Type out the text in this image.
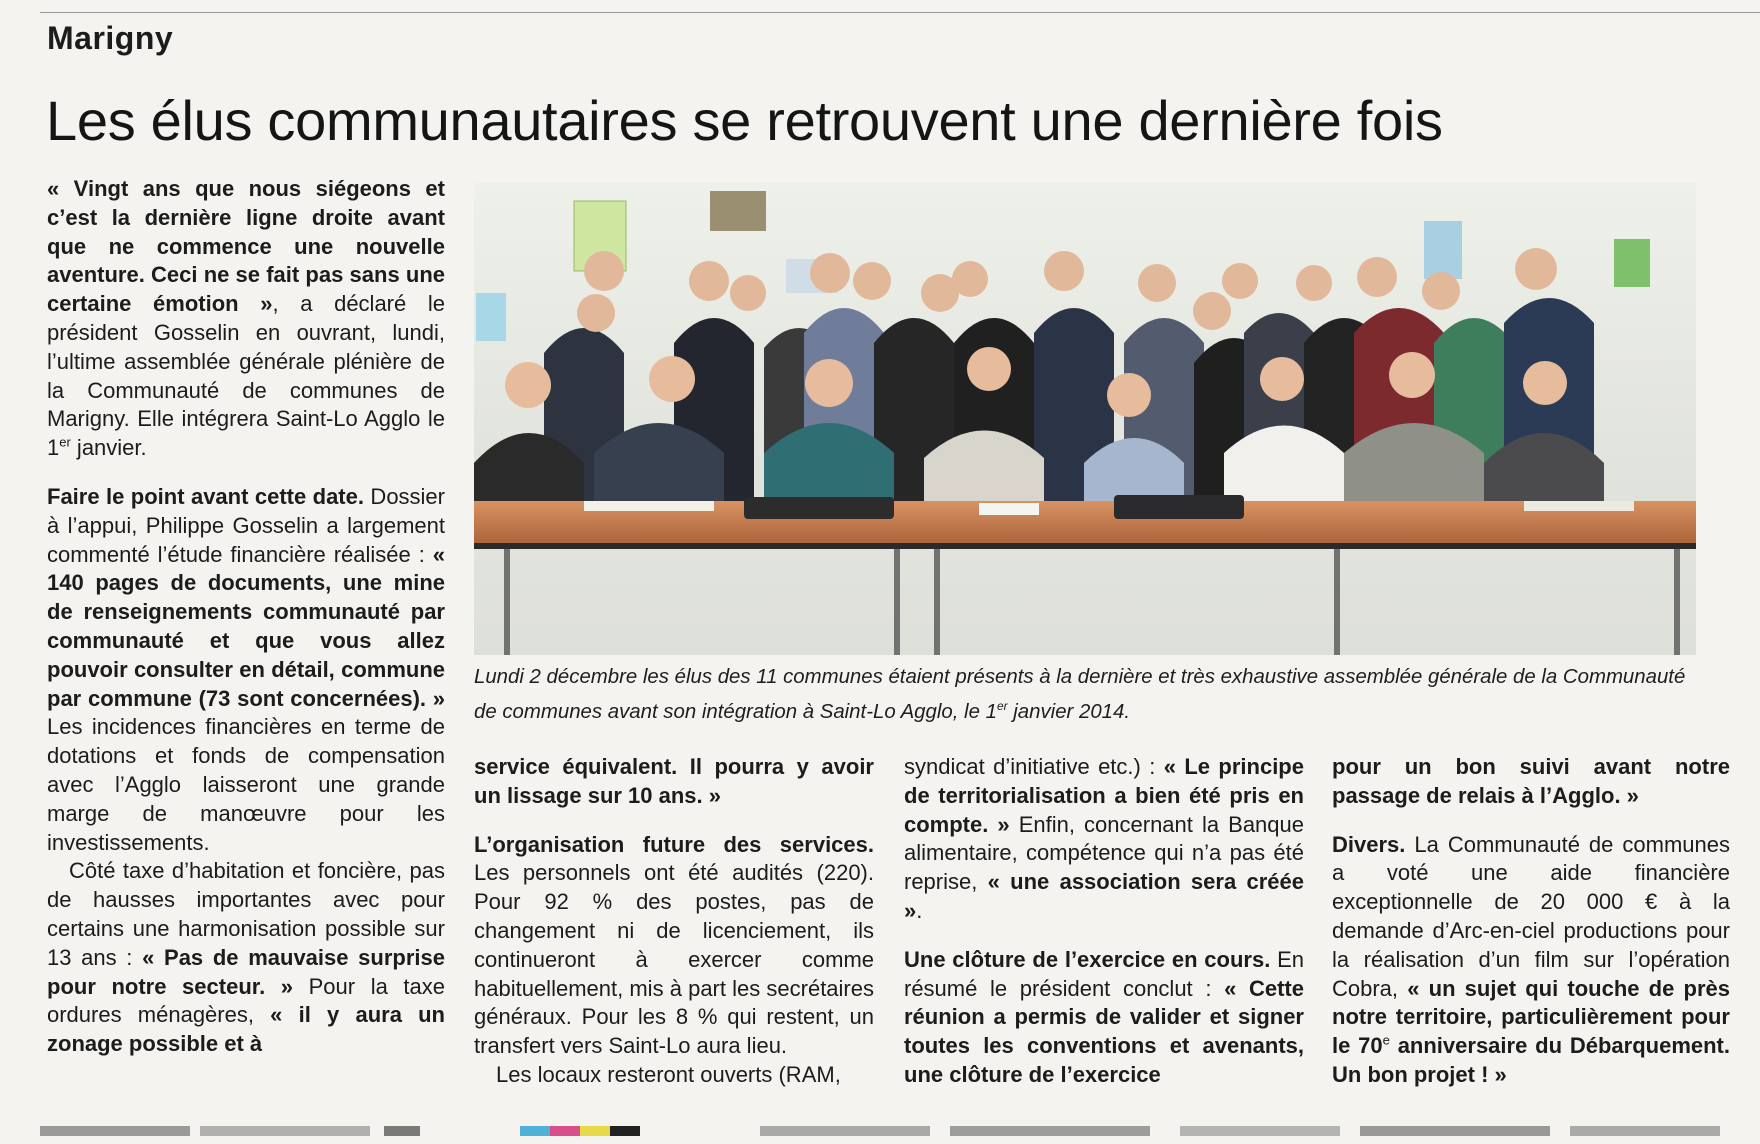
Marigny
Les élus communautaires se retrouvent une dernière fois
Lundi 2 décembre les élus des 11 communes étaient présents à la dernière et très exhaustive assemblée générale de la Communauté de communes avant son intégration à Saint-Lo Agglo, le 1er janvier 2014.

« Vingt ans que nous siégeons et c’est la dernière ligne droite avant que ne commence une nouvelle aventure. Ceci ne se fait pas sans une certaine émotion », a déclaré le président Gosselin en ouvrant, lundi, l’ultime assemblée générale plénière de la Communauté de communes de Marigny. Elle intégrera Saint-Lo Agglo le 1er janvier.

Faire le point avant cette date. Dossier à l’appui, Philippe Gosselin a largement commenté l’étude financière réalisée : « 140 pages de documents, une mine de renseignements communauté par communauté et que vous allez pouvoir consulter en détail, commune par commune (73 sont concernées). » Les incidences financières en terme de dotations et fonds de compensation avec l’Agglo laisseront une grande marge de manœuvre pour les investissements.

Côté taxe d’habitation et foncière, pas de hausses importantes avec pour certains une harmonisation possible sur 13 ans : « Pas de mauvaise surprise pour notre secteur. » Pour la taxe ordures ménagères, « il y aura un zonage possible et à

service équivalent. Il pourra y avoir un lissage sur 10 ans. »

L’organisation future des services. Les personnels ont été audités (220). Pour 92 % des postes, pas de changement ni de licenciement, ils continueront à exercer comme habituellement, mis à part les secrétaires généraux. Pour les 8 % qui restent, un transfert vers Saint-Lo aura lieu.

Les locaux resteront ouverts (RAM,

syndicat d’initiative etc.) : « Le principe de territorialisation a bien été pris en compte. » Enfin, concernant la Banque alimentaire, compétence qui n’a pas été reprise, « une association sera créée ».

Une clôture de l’exercice en cours. En résumé le président conclut : « Cette réunion a permis de valider et signer toutes les conventions et avenants, une clôture de l’exercice

pour un bon suivi avant notre passage de relais à l’Agglo. »

Divers. La Communauté de communes a voté une aide financière exceptionnelle de 20 000 € à la demande d’Arc-en-ciel productions pour la réalisation d’un film sur l’opération Cobra, « un sujet qui touche de près notre territoire, particulièrement pour le 70e anniversaire du Débarquement. Un bon projet ! »
